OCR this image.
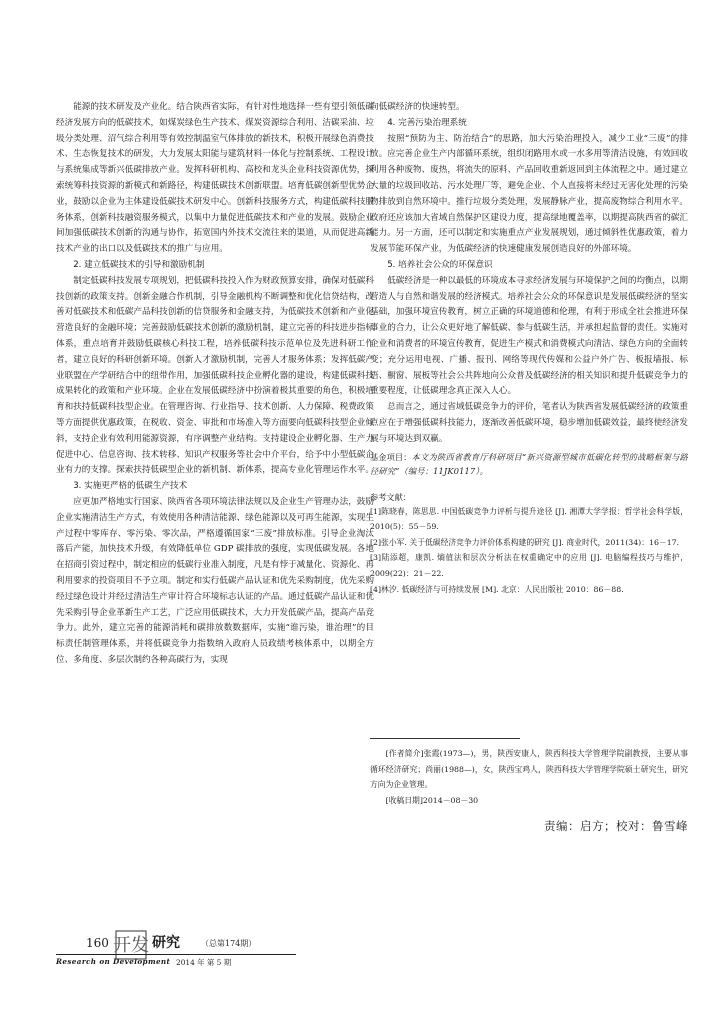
能源的技术研发及产业化。结合陕西省实际，有针对性地选择一些有望引领低碳经济发展方向的低碳技术，如煤炭绿色生产技术、煤炭资源综合利用、洁碳采油、垃圾分类处理、沼气综合利用等有效控制温室气体排放的新技术，积极开展绿色消费技术、生态恢复技术的研发，大力发展太阳能与建筑材料一体化与控制系统、工程设计与系统集成等新兴低碳排放产业。发挥科研机构、高校和龙头企业科技资源优势，探索统筹科技资源的新模式和新路径，构建低碳技术创新联盟。培育低碳创新型优势企业，鼓励以企业为主体建设低碳技术研发中心。创新科技服务方式，构建低碳科技服务体系，创新科技融资服务模式，以集中力量促进低碳技术和产业的发展。鼓励企业间加强低碳技术创新的沟通与协作，拓宽国内外技术交流往来的渠道，从而促进高新技术产业的出口以及低碳技术的推广与应用。

2. 建立低碳技术的引导和激励机制

制定低碳科技发展专项规划，把低碳科技投入作为财政预算安排，确保对低碳科技创新的政策支持。创新金融合作机制，引导金融机构不断调整和优化信贷结构，改善对低碳技术和低碳产品科技创新的信贷服务和金融支持，为低碳技术创新和产业化营造良好的金融环境；完善鼓励低碳技术创新的激励机制，建立完善的科技进步指标体系，重点培育并鼓励低碳核心科技工程，培养低碳科技示范单位及先进科研工作者，建立良好的科研创新环境。创新人才激励机制，完善人才服务体系；发挥低碳产业联盟在产学研结合中的纽带作用，加强低碳科技企业孵化器的建设，构建低碳科技成果转化的政策和产业环境。企业在发展低碳经济中扮演着极其重要的角色，积极培育和扶持低碳科技型企业。在管理咨询、行业指导、技术创新、人力保障、税费政策等方面提供优惠政策，在税收、资金、审批和市场准入等方面要向低碳科技型企业倾斜，支持企业有效利用能源资源，有序调整产业结构。支持建设企业孵化器、生产力促进中心、信息咨询、技术转移、知识产权服务等社会中介平台，给予中小型低碳企业有力的支撑。探索扶持低碳型企业的新机制、新体系，提高专业化管理运作水平。

3. 实施更严格的低碳生产技术

应更加严格地实行国家、陕西省各项环境法律法规以及企业生产管理办法，鼓励企业实施清洁生产方式，有效使用各种清洁能源、绿色能源以及可再生能源，实现生产过程中零库存、零污染、零次品，严格遵循国家“三废”排放标准。引导企业淘汰落后产能，加快技术升级，有效降低单位 GDP 碳排放的强度，实现低碳发展。各地在招商引资过程中，制定相应的低碳行业准入制度，凡是有悖于减量化、资源化、再利用要求的投资项目不予立项。制定和实行低碳产品认证和优先采购制度，优先采购经过绿色设计并经过清洁生产审计符合环境标志认证的产品。通过低碳产品认证和优先采购引导企业革新生产工艺，广泛应用低碳技术，大力开发低碳产品，提高产品竞争力。此外，建立完善的能源消耗和碳排放数数据库，实施“谁污染，谁治理”的目标责任制管理体系，并将低碳竞争力指数纳入政府人员政绩考核体系中，以期全方位、多角度、多层次制约各种高碳行为，实现

向低碳经济的快速转型。

4. 完善污染治理系统

按照“预防为主、防治结合”的思路，加大污染治理投入，减少工业“三废”的排放。应完善企业生产内部循环系统，组织闭路用水或一水多用等清洁设施，有效回收利用各种废物、废热，将流失的原料、产品回收重新返回到主体流程之中。通过建立大量的垃圾回收站、污水处理厂等，避免企业、个人直接将未经过无害化处理的污染物排放到自然环境中。推行垃圾分类处理，发展静脉产业，提高废物综合利用水平。政府还应该加大省域自然保护区建设力度，提高绿地覆盖率，以期提高陕西省的碳汇能力。另一方面，还可以制定和实施重点产业发展规划，通过倾斜性优惠政策，着力发展节能环保产业，为低碳经济的快速健康发展创造良好的外部环境。

5. 培养社会公众的环保意识

低碳经济是一种以最低的环境成本寻求经济发展与环境保护之间的均衡点，以期营造人与自然和谐发展的经济模式。培养社会公众的环保意识是发展低碳经济的坚实基础，加强环境宣传教育，树立正确的环境道德和伦理，有利于形成全社会推进环保事业的合力，让公众更好地了解低碳、参与低碳生活，并承担起监督的责任。实施对企业和消费者的环境宣传教育，促进生产模式和消费模式向清洁、绿色方向的全面转变；充分运用电视、广播、报刊、网络等现代传媒和公益户外广告、板报墙报、标语、橱窗、展板等社会公共阵地向公众普及低碳经济的相关知识和提升低碳竞争力的重要程度，让低碳理念真正深入人心。

总而言之，通过省域低碳竞争力的评价，笔者认为陕西省发展低碳经济的政策重点应在于增强低碳科技能力，逐渐改善低碳环境，稳步增加低碳效益，最终使经济发展与环境达到双赢。

基金项目：本文为陕西省教育厅科研项目“新兴资源型城市低碳化转型的战略框架与路径研究”（编号：11JK0117）。
参考文献：

[1]陈晓春，陈思思. 中国低碳竞争力评析与提升途径 [J]. 湘潭大学学报：哲学社会科学版，2010(5)：55－59.

[2]张小军. 关于低碳经济竞争力评价体系构建的研究 [J]. 商业时代，2011(34)：16－17.

[3]陆添超，康凯. 熵值法和层次分析法在权重确定中的应用 [J]. 电脑编程技巧与维护，2009(22)：21－22.

[4]林汐. 低碳经济与可持续发展 [M]. 北京：人民出版社 2010：86－88.

[作者简介]张霞(1973—)，男，陕西安康人，陕西科技大学管理学院副教授，主要从事循环经济研究；尚丽(1988—)，女，陕西宝鸡人，陕西科技大学管理学院硕士研究生，研究方向为企业管理。

[收稿日期]2014－08－30

责编：启方；校对：鲁雪峰
160 开发 研究	（总第174期）
Research on Development 2014 年 第 5 期
